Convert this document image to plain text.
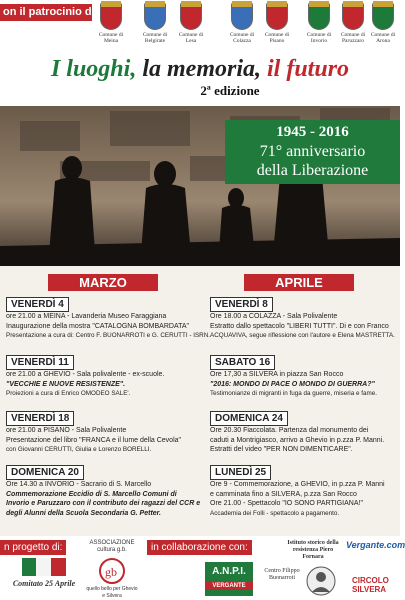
on il patrocinio di:
Comune di Meina
Comune di Belgirate
Comune di Lesa
Comune di Colazza
Comune di Pisano
Comune di Invorio
Comune di Paruzzaro
Comune di Arona
I luoghi, la memoria, il futuro
2ª edizione
1945 - 2016
71° anniversario
della Liberazione
MARZO	APRILE
VENERDÌ 4
ore 21.00 a MEINA - Lavanderia Museo Faraggiana
Inaugurazione della mostra "CATALOGNA BOMBARDATA"
Presentazione a cura di: Centro F. BUONARROTI e G. CERUTTI - ISRN.
VENERDÌ 11
ore 21.00 a GHEVIO - Sala polivalente - ex-scuole.
"VECCHIE E NUOVE RESISTENZE".
Proiezioni a cura di Enrico OMODEO SALE'.
VENERDÌ 18
ore 21.00 a PISANO - Sala Polivalente
Presentazione del libro "FRANCA e il lume della Cevola"
con Giovanni CERUTTI, Giulia e Lorenzo BORELLI.
DOMENICA 20
Ore 14.30 a INVORIO - Sacrario di S. Marcello
Commemorazione Eccidio di S. Marcello Comuni di
Invorio e Paruzzaro con il contributo dei ragazzi del CCR e
degli Alunni della Scuola Secondaria G. Petter.
VENERDÌ 8
Ore 18.00 a COLAZZA - Sala Polivalente
Estratto dallo spettacolo "LIBERI TUTTI". Di e con Franco
ACQUAVIVA, segue riflessione con l'autore e Elena MASTRETTA.
SABATO 16
Ore 17,30 a SILVERA in piazza San Rocco
"2016: MONDO DI PACE O MONDO DI GUERRA?"
Testimonianze di migranti in fuga da guerre, miseria e fame.
DOMENICA 24
Ore 20.30 Fiaccolata. Partenza dal monumento dei
caduti a Montrigiasco, arrivo a Ghevio in p.zza P. Manni.
Estratti del video "PER NON DIMENTICARE".
LUNEDÌ 25
Ore 9 - Commemorazione, a GHEVIO, in p.zza P. Manni
e camminata fino a SILVERA, p.zza San Rocco
Ore 21.00 - Spettacolo "IO SONO PARTIGIANA!"
Accademia dei Folli - spettacolo a pagamento.
n progetto di:	in collaborazione con:
Comitato 25 Aprile
ASSOCIAZIONE cultura g.b.
gb
quello bello per Ghevio e Silvera
A.N.P.I.
VERGANTE
Centro Filippo Buonarroti
Istituto storico della resistenza Piero Fornara
Vergante.com
CIRCOLO SILVERA
